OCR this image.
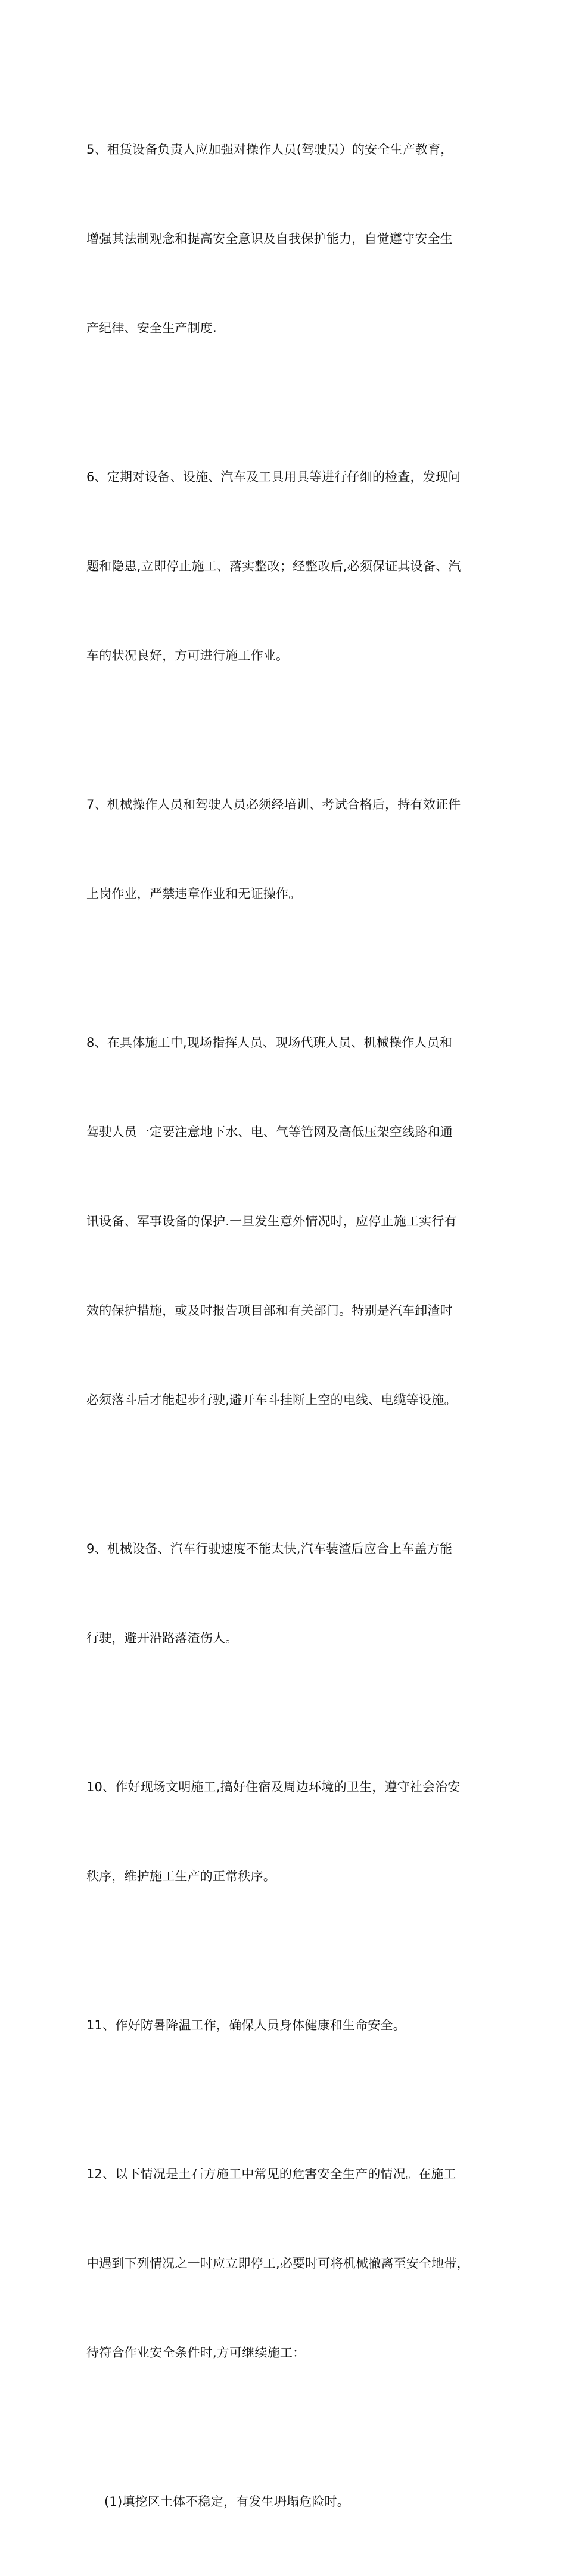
5、租赁设备负责人应加强对操作人员(驾驶员）的安全生产教育，

增强其法制观念和提高安全意识及自我保护能力，自觉遵守安全生

产纪律、安全生产制度.

6、定期对设备、设施、汽车及工具用具等进行仔细的检查，发现问

题和隐患,立即停止施工、落实整改；经整改后,必须保证其设备、汽

车的状况良好，方可进行施工作业。

7、机械操作人员和驾驶人员必须经培训、考试合格后，持有效证件

上岗作业，严禁违章作业和无证操作。

8、在具体施工中,现场指挥人员、现场代班人员、机械操作人员和

驾驶人员一定要注意地下水、电、气等管网及高低压架空线路和通

讯设备、军事设备的保护.一旦发生意外情况时，应停止施工实行有

效的保护措施，或及时报告项目部和有关部门。特别是汽车卸渣时

必须落斗后才能起步行驶,避开车斗挂断上空的电线、电缆等设施。

9、机械设备、汽车行驶速度不能太快,汽车装渣后应合上车盖方能

行驶，避开沿路落渣伤人。

10、作好现场文明施工,搞好住宿及周边环境的卫生，遵守社会治安

秩序，维护施工生产的正常秩序。

11、作好防暑降温工作，确保人员身体健康和生命安全。

12、以下情况是土石方施工中常见的危害安全生产的情况。在施工

中遇到下列情况之一时应立即停工,必要时可将机械撤离至安全地带，

待符合作业安全条件时,方可继续施工：

(1)填挖区土体不稳定，有发生坍塌危险时。
